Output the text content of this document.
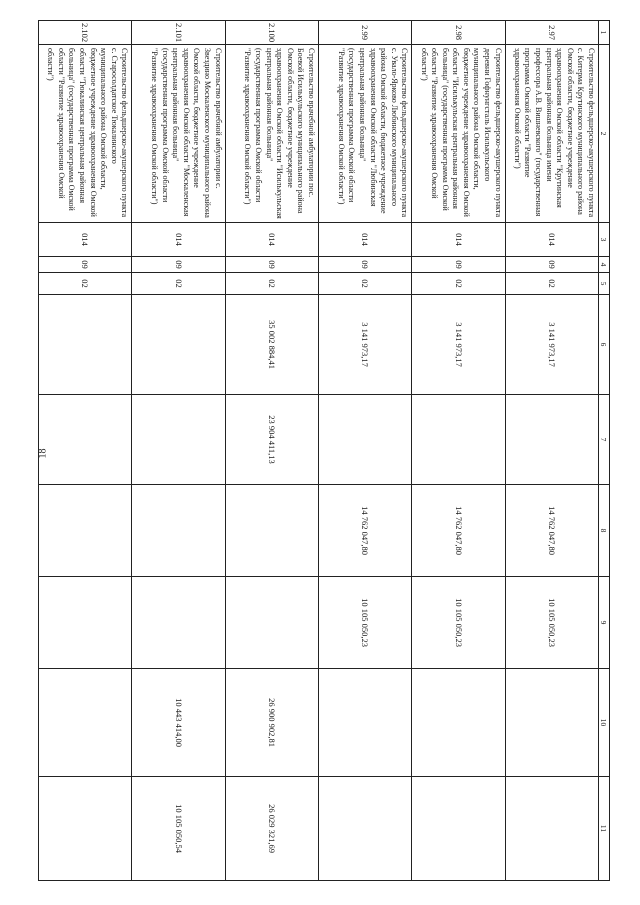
18
1	2	3	4	5	6	7	8	9	10	11
2.97	Строительство фельдшерско-акушерского пункта с. Китерма Крутинского муниципального района Омской области, бюджетное учреждение здравоохранения Омской области "Крутинская центральная районная больница имени профессора А.В. Вишневского" (государственная программа Омской области "Развитие здравоохранения Омской области")	014	09	02	3 141 973,17		14 762 047,80	10 105 050,23		
2.98	Строительство фельдшерско-акушерского пункта деревни Гофнунгсталь Исилькульского муниципального района Омской области, бюджетное учреждение здравоохранения Омской области "Исилькульская центральная районная больница" (государственная программа Омской области "Развитие здравоохранения Омской области")	014	09	02	3 141 973,17		14 762 047,80	10 105 050,23		
2.99	Строительство фельдшерско-акушерского пункта с. Увало-Ярково Любинского муниципального района Омской области, бюджетное учреждение здравоохранения Омской области "Любинская центральная районная больница" (государственная программа Омской области "Развитие здравоохранения Омской области")	014	09	02	3 141 973,17		14 762 047,80	10 105 050,23		
2.100	Строительство врачебной амбулатории пос. Боевой Исилькульского муниципального района Омской области, бюджетное учреждение здравоохранения Омской области "Исилькульская центральная районная больница" (государственная программа Омской области "Развитие здравоохранения Омской области")	014	09	02	35 002 884,41	23 904 411,13			26 900 902,81	26 029 321,69
2.101	Строительство врачебной амбулатории с. Звездино Москаленского муниципального района Омской области, бюджетное учреждение здравоохранения Омской области "Москаленская центральная районная больница" (государственная программа Омской области "Развитие здравоохранения Омской области")	014	09	02					10 443 414,00	10 105 050,54
2.102	Строительство фельдшерско-акушерского пункта с. Старосолдатское Тюкалинского муниципального района Омской области, бюджетное учреждение здравоохранения Омской области "Тюкалинская центральная районная больница" (государственная программа Омской области "Развитие здравоохранения Омской области")	014	09	02						
